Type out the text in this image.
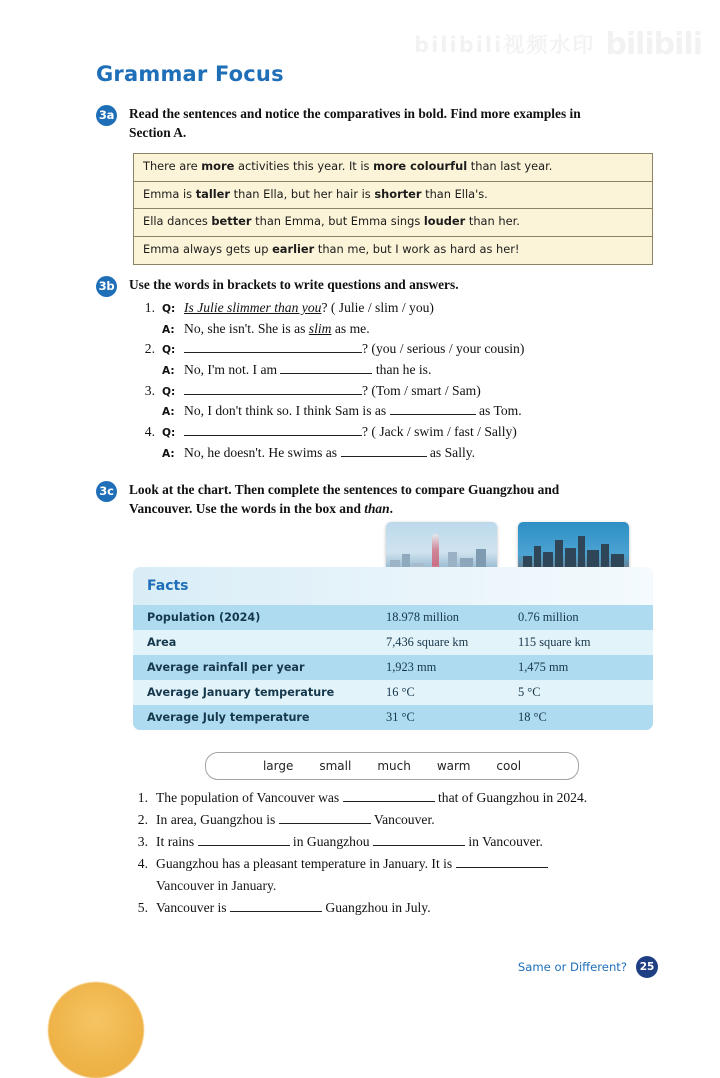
bilibili视频水印 bilibili
Grammar Focus
3a Read the sentences and notice the comparatives in bold. Find more examples in
Section A.
There are more activities this year. It is more colourful than last year.
Emma is taller than Ella, but her hair is shorter than Ella's.
Ella dances better than Emma, but Emma sings louder than her.
Emma always gets up earlier than me, but I work as hard as her!
3b Use the words in brackets to write questions and answers.
1. Q: Is Julie slimmer than you? ( Julie / slim / you)
A: No, she isn't. She is as slim as me.
2. Q:	? (you / serious / your cousin)
A: No, I'm not. I am	than he is.
3. Q:	? (Tom / smart / Sam)
A: No, I don't think so. I think Sam is as	as Tom.
4. Q:	? ( Jack / swim / fast / Sally)
A: No, he doesn't. He swims as	as Sally.
3c Look at the chart. Then complete the sentences to compare Guangzhou and
Vancouver. Use the words in the box and than.
Facts
Population (2024)	18.978 million	0.76 million
Area	7,436 square km	115 square km
Average rainfall per year	1,923 mm	1,475 mm
Average January temperature	16 °C	5 °C
Average July temperature	31 °C	18 °C
large small much warm cool
1. The population of Vancouver was	that of Guangzhou in 2024.
2. In area, Guangzhou is	Vancouver.
3. It rains	in Guangzhou	in Vancouver.
4. Guangzhou has a pleasant temperature in January. It is
Vancouver in January.
5. Vancouver is	Guangzhou in July.
Same or Different?	25
